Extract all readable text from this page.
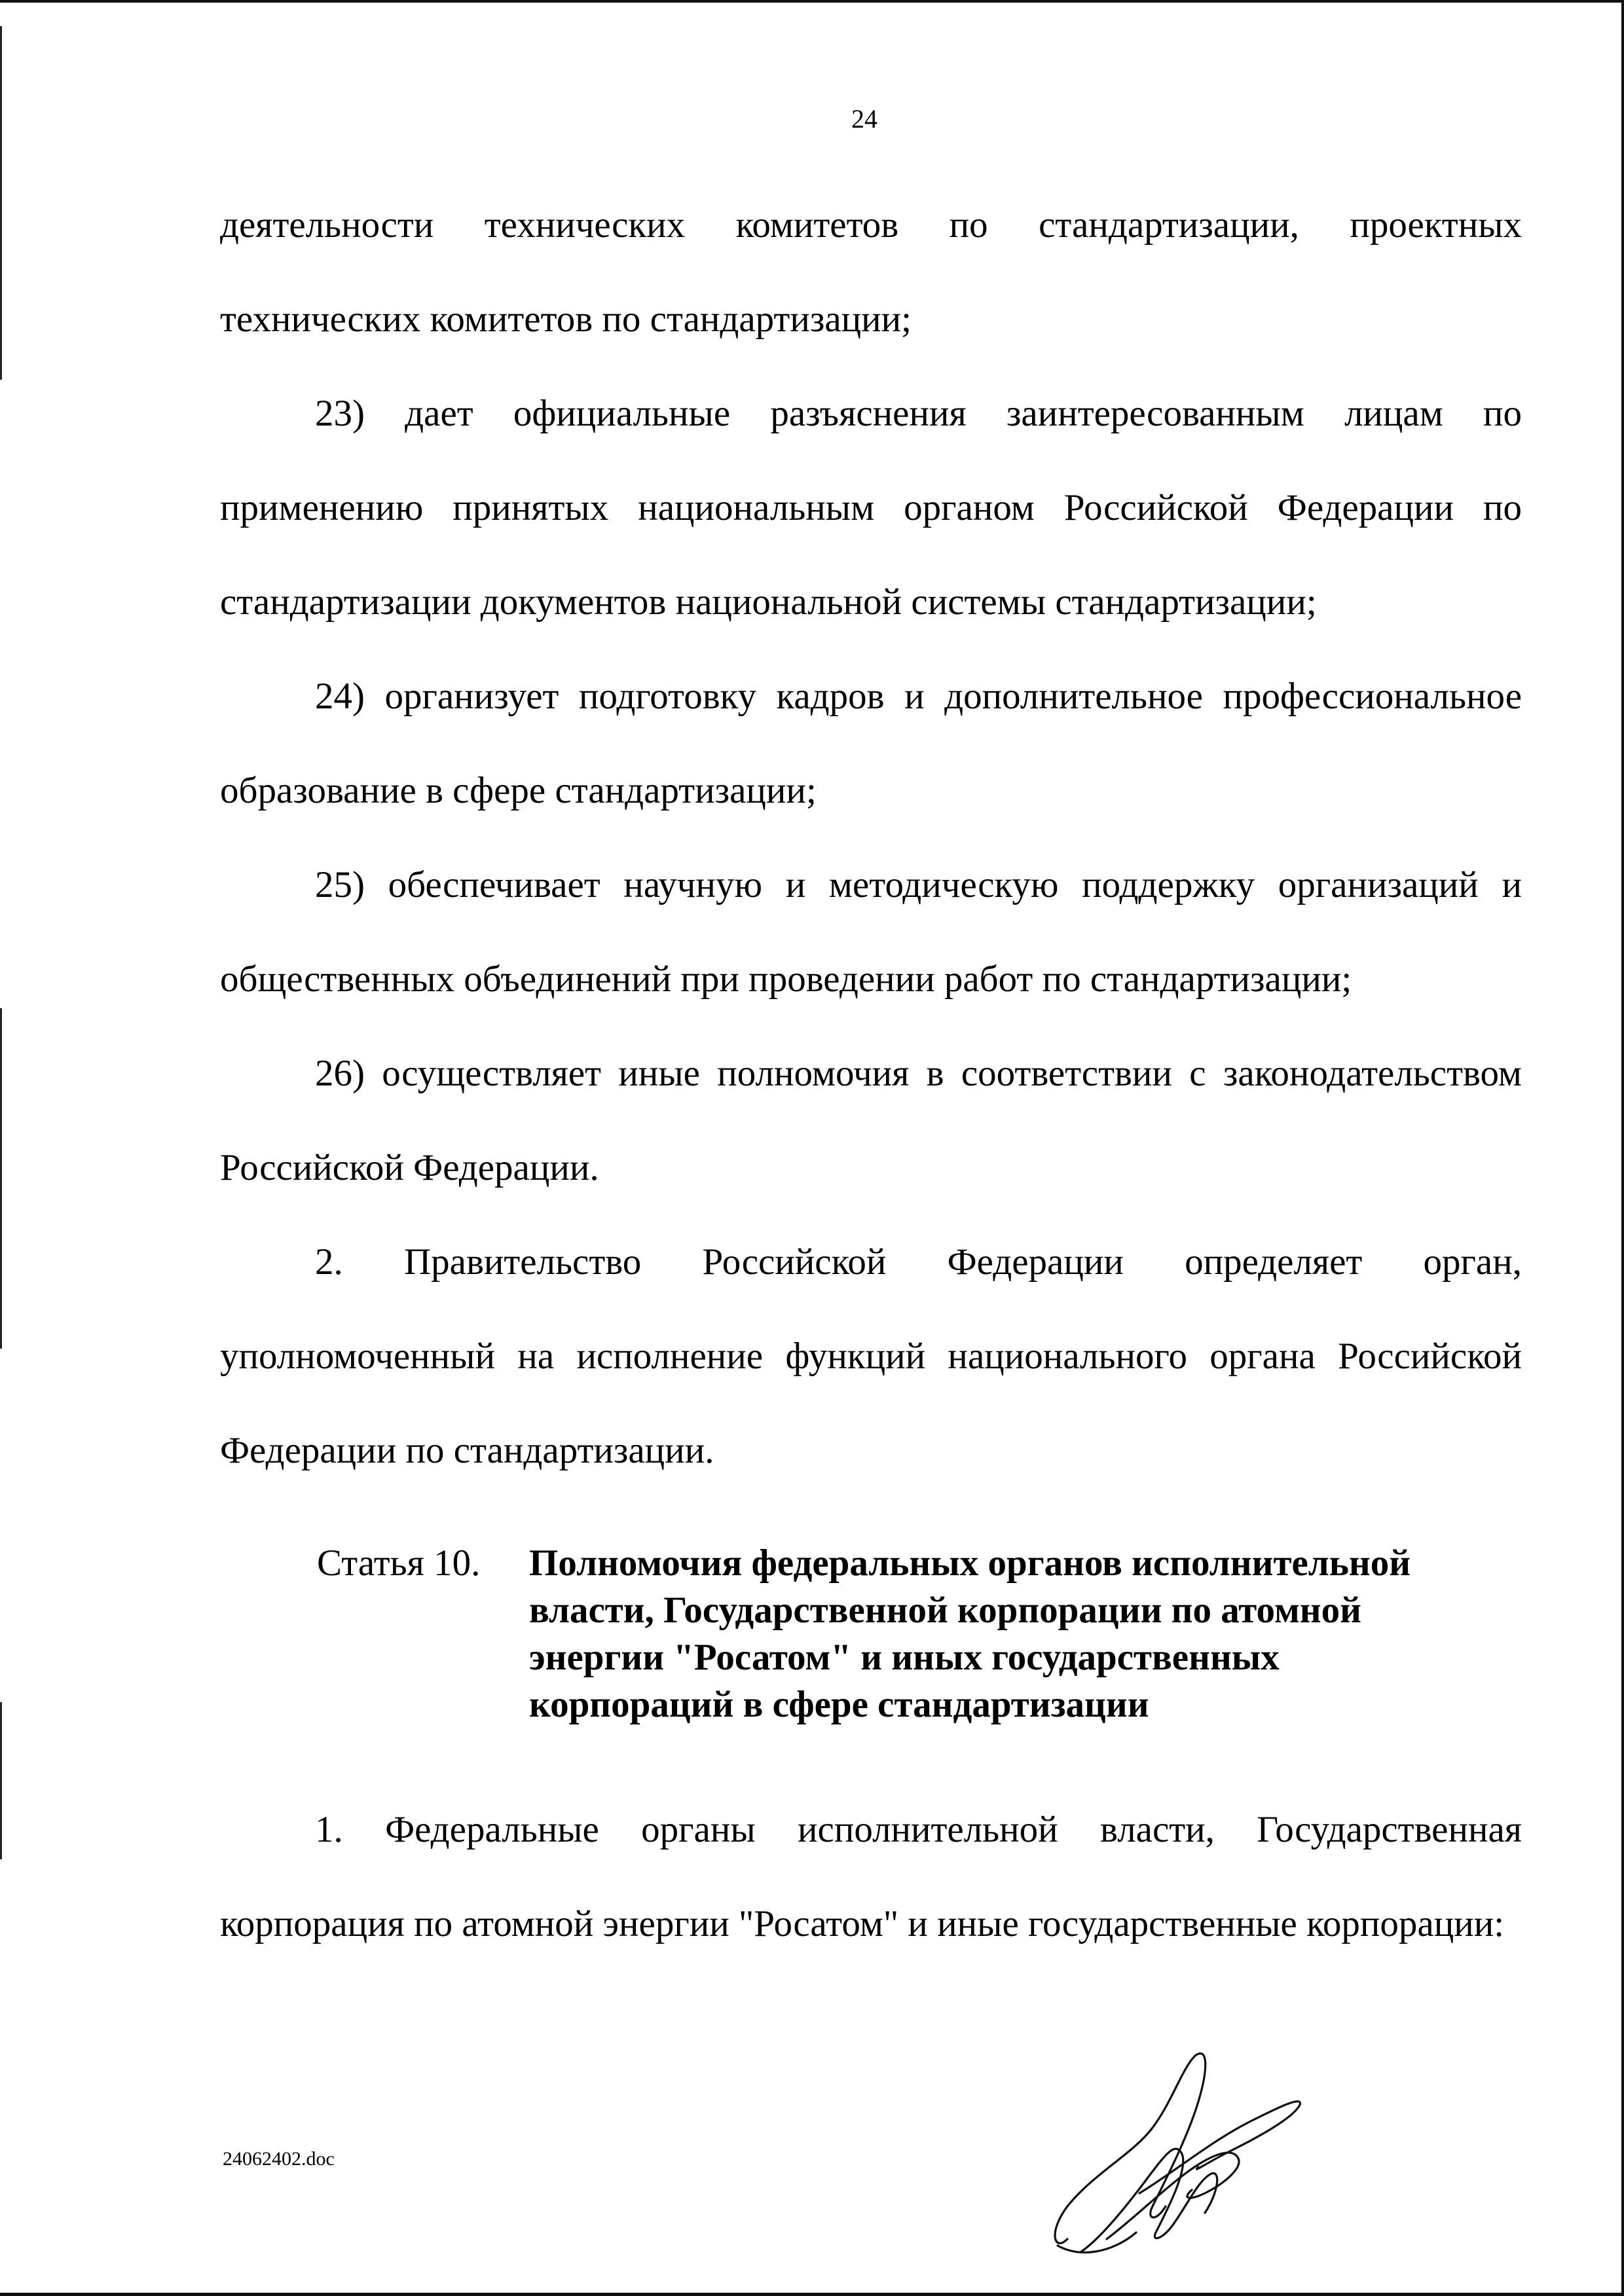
24

деятельности технических комитетов по стандартизации, проектных технических комитетов по стандартизации;

23) дает официальные разъяснения заинтересованным лицам по применению принятых национальным органом Российской Федерации по стандартизации документов национальной системы стандартизации;

24) организует подготовку кадров и дополнительное профессиональное образование в сфере стандартизации;

25) обеспечивает научную и методическую поддержку организаций и общественных объединений при проведении работ по стандартизации;

26) осуществляет иные полномочия в соответствии с законодательством Российской Федерации.

2. Правительство Российской Федерации определяет орган, уполномоченный на исполнение функций национального органа Российской Федерации по стандартизации.

Статья 10. Полномочия федеральных органов исполнительной
власти, Государственной корпорации по атомной
энергии "Росатом" и иных государственных
корпораций в сфере стандартизации

1. Федеральные органы исполнительной власти, Государственная корпорация по атомной энергии "Росатом" и иные государственные корпорации:

24062402.doc
